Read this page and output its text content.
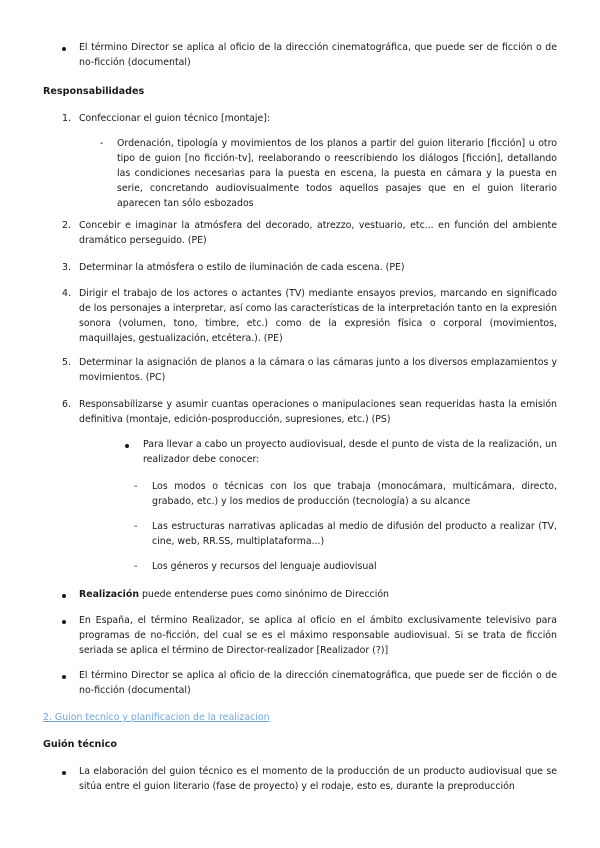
El término Director se aplica al oficio de la dirección cinematográfica, que puede ser de ficción o de no-ficción (documental)

Responsabilidades

1. Confeccionar el guion técnico [montaje]:

- Ordenación, tipología y movimientos de los planos a partir del guion literario [ficción] u otro tipo de guion [no ficción-tv], reelaborando o reescribiendo los diálogos [ficción], detallando las condiciones necesarias para la puesta en escena, la puesta en cámara y la puesta en serie, concretando audiovisualmente todos aquellos pasajes que en el guion literario aparecen tan sólo esbozados

2. Concebir e imaginar la atmósfera del decorado, atrezzo, vestuario, etc... en función del ambiente dramático perseguido. (PE)

3. Determinar la atmósfera o estilo de iluminación de cada escena. (PE)

4. Dirigir el trabajo de los actores o actantes (TV) mediante ensayos previos, marcando en significado de los personajes a interpretar, así como las características de la interpretación tanto en la expresión sonora (volumen, tono, timbre, etc.) como de la expresión física o corporal (movimientos, maquillajes, gestualización, etcétera.). (PE)

5. Determinar la asignación de planos a la cámara o las cámaras junto a los diversos emplazamientos y movimientos. (PC)

6. Responsabilizarse y asumir cuantas operaciones o manipulaciones sean requeridas hasta la emisión definitiva (montaje, edición-posproducción, supresiones, etc.) (PS)

Para llevar a cabo un proyecto audiovisual, desde el punto de vista de la realización, un realizador debe conocer:

- Los modos o técnicas con los que trabaja (monocámara, multicámara, directo, grabado, etc.) y los medios de producción (tecnología) a su alcance

- Las estructuras narrativas aplicadas al medio de difusión del producto a realizar (TV, cine, web, RR.SS, multiplataforma...)

- Los géneros y recursos del lenguaje audiovisual

Realización puede entenderse pues como sinónimo de Dirección

En España, el término Realizador, se aplica al oficio en el ámbito exclusivamente televisivo para programas de no-ficción, del cual se es el máximo responsable audiovisual. Si se trata de ficción seriada se aplica el término de Director-realizador [Realizador (?)]

El término Director se aplica al oficio de la dirección cinematográfica, que puede ser de ficción o de no-ficción (documental)

2. Guion tecnico y planificacion de la realizacion

Guión técnico

La elaboración del guion técnico es el momento de la producción de un producto audiovisual que se sitúa entre el guion literario (fase de proyecto) y el rodaje, esto es, durante la preproducción
